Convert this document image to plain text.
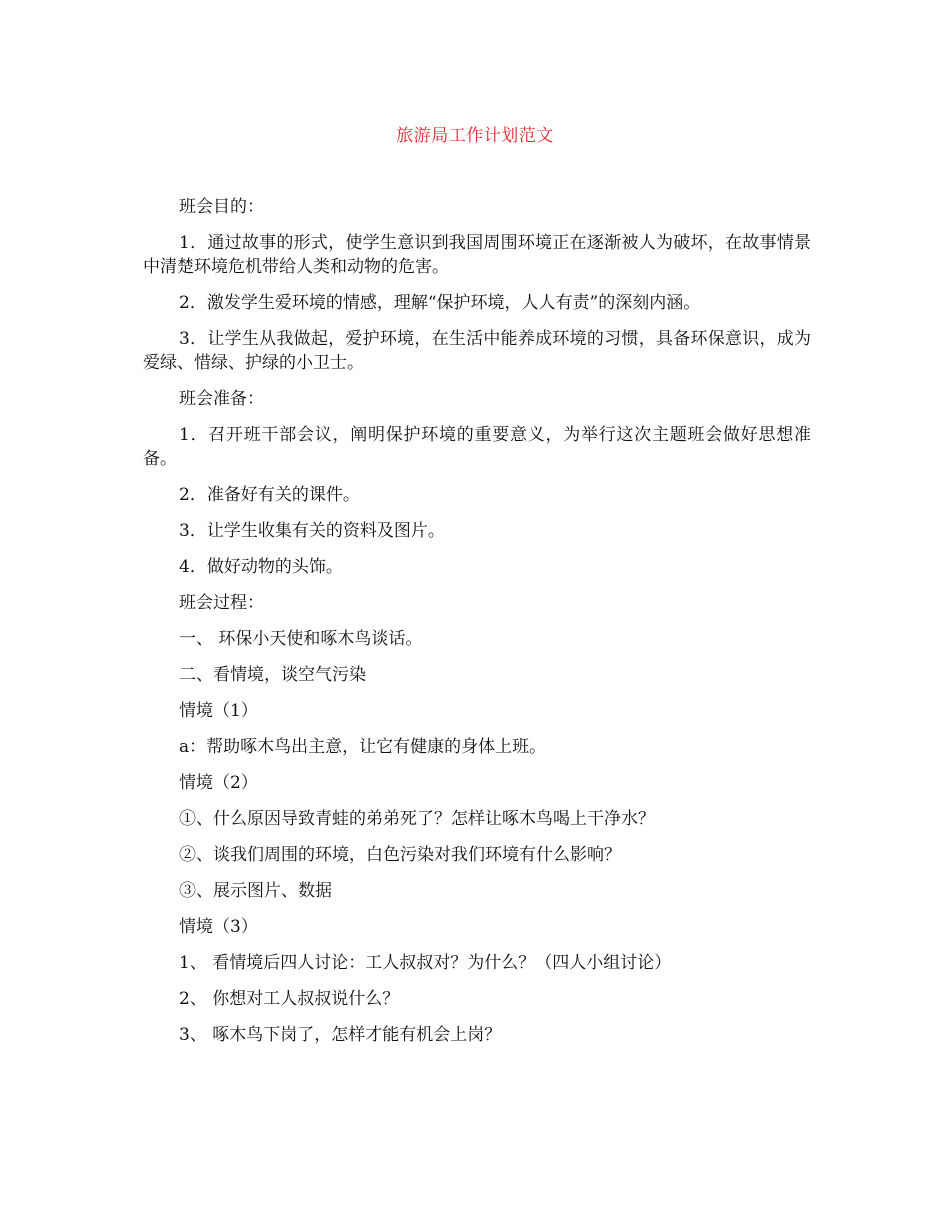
旅游局工作计划范文

班会目的：

1．通过故事的形式，使学生意识到我国周围环境正在逐渐被人为破坏，在故事情景中清楚环境危机带给人类和动物的危害。

2．激发学生爱环境的情感，理解“保护环境，人人有责”的深刻内涵。

3．让学生从我做起，爱护环境，在生活中能养成环境的习惯，具备环保意识，成为爱绿、惜绿、护绿的小卫士。

班会准备：

1．召开班干部会议，阐明保护环境的重要意义，为举行这次主题班会做好思想准备。

2．准备好有关的课件。

3．让学生收集有关的资料及图片。

4．做好动物的头饰。

班会过程：

一、 环保小天使和啄木鸟谈话。

二、看情境，谈空气污染

情境（1）

a：帮助啄木鸟出主意，让它有健康的身体上班。

情境（2）

①、什么原因导致青蛙的弟弟死了？怎样让啄木鸟喝上干净水？

②、谈我们周围的环境，白色污染对我们环境有什么影响？

③、展示图片、数据

情境（3）

1、 看情境后四人讨论：工人叔叔对？为什么？（四人小组讨论）

2、 你想对工人叔叔说什么？

3、 啄木鸟下岗了，怎样才能有机会上岗？
